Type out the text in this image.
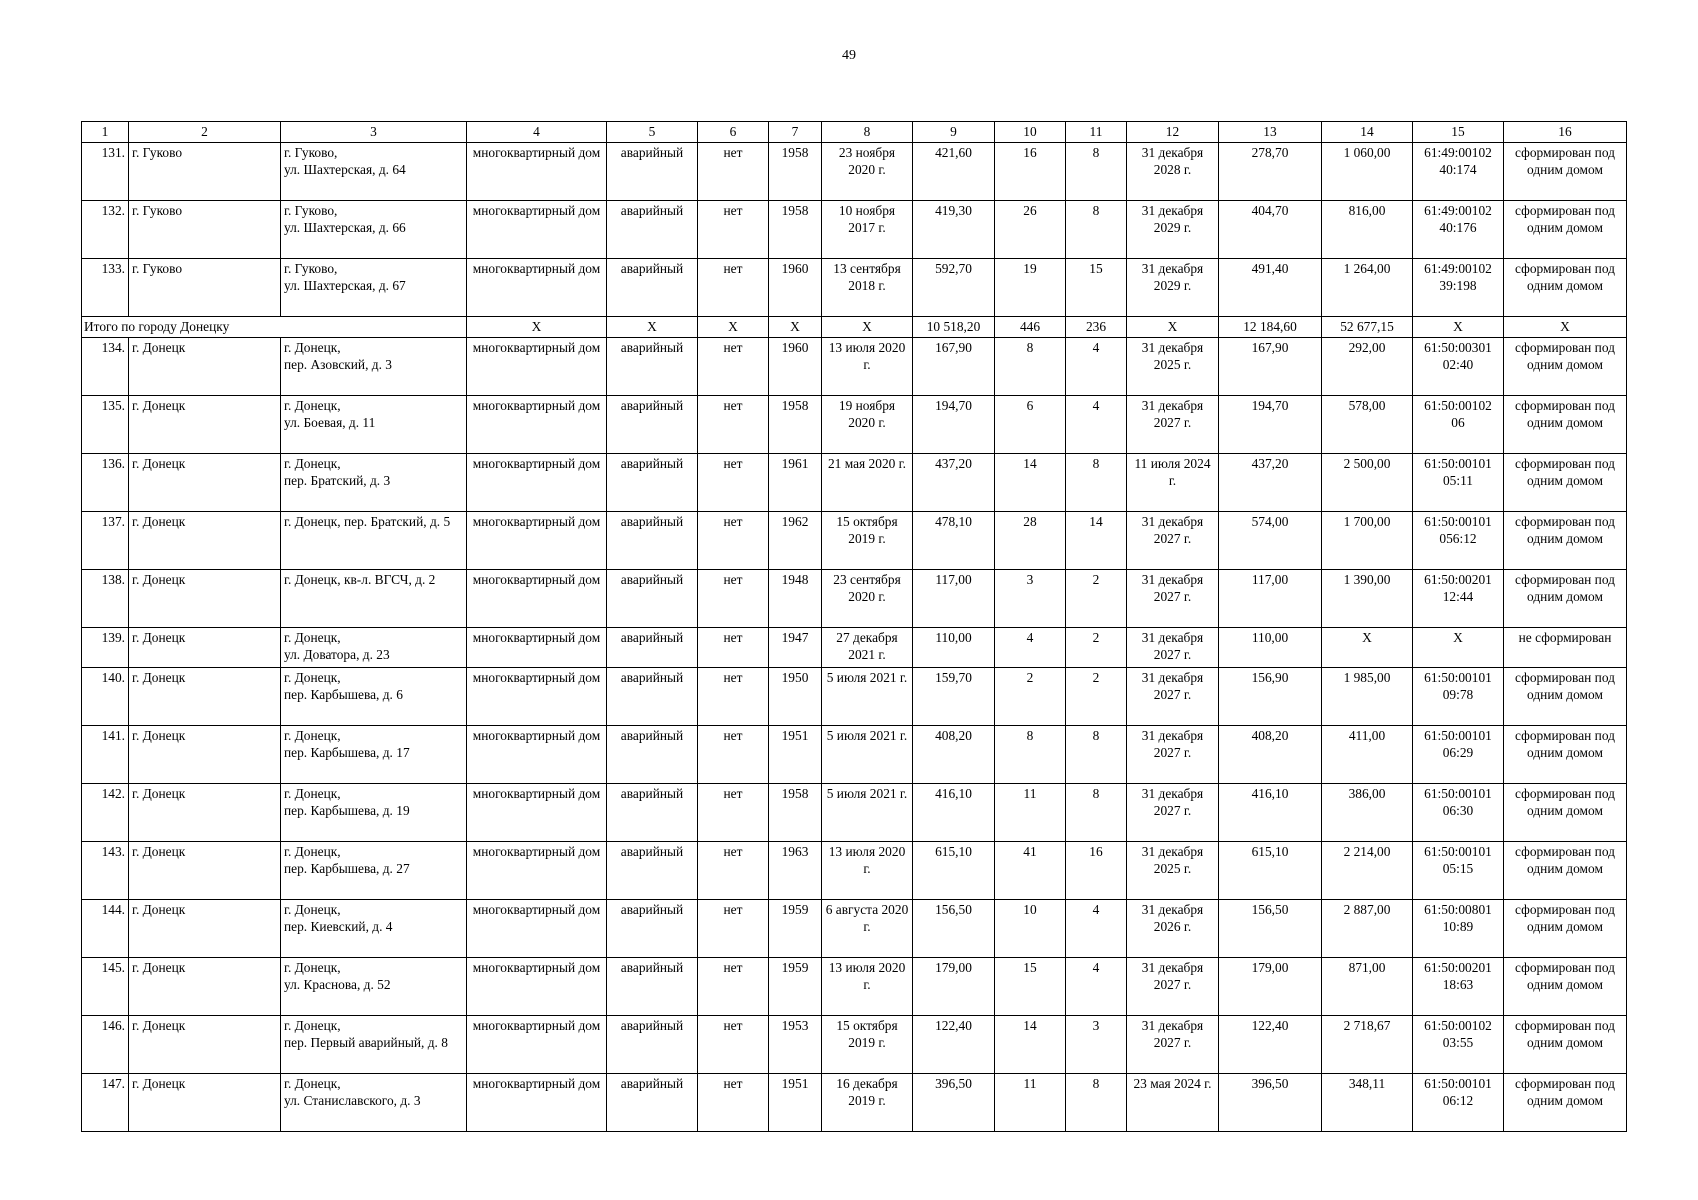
49
1	2	3	4	5	6	7	8	9	10	11	12	13	14	15	16
131.	г. Гуково	г. Гуково,
ул. Шахтерская, д. 64	многоквартирный дом	аварийный	нет	1958	23 ноября 2020 г.	421,60	16	8	31 декабря 2028 г.	278,70	1 060,00	61:49:00102 40:174	сформирован под одним домом
132.	г. Гуково	г. Гуково,
ул. Шахтерская, д. 66	многоквартирный дом	аварийный	нет	1958	10 ноября 2017 г.	419,30	26	8	31 декабря 2029 г.	404,70	816,00	61:49:00102 40:176	сформирован под одним домом
133.	г. Гуково	г. Гуково,
ул. Шахтерская, д. 67	многоквартирный дом	аварийный	нет	1960	13 сентября 2018 г.	592,70	19	15	31 декабря 2029 г.	491,40	1 264,00	61:49:00102 39:198	сформирован под одним домом
Итого по городу Донецку			X	X	X	X	X	10 518,20	446	236	X	12 184,60	52 677,15	X	X
134.	г. Донецк	г. Донецк,
пер. Азовский, д. 3	многоквартирный дом	аварийный	нет	1960	13 июля 2020 г.	167,90	8	4	31 декабря 2025 г.	167,90	292,00	61:50:00301 02:40	сформирован под одним домом
135.	г. Донецк	г. Донецк,
ул. Боевая, д. 11	многоквартирный дом	аварийный	нет	1958	19 ноября 2020 г.	194,70	6	4	31 декабря 2027 г.	194,70	578,00	61:50:00102 06	сформирован под одним домом
136.	г. Донецк	г. Донецк,
пер. Братский, д. 3	многоквартирный дом	аварийный	нет	1961	21 мая 2020 г.	437,20	14	8	11 июля 2024 г.	437,20	2 500,00	61:50:00101 05:11	сформирован под одним домом
137.	г. Донецк	г. Донецк, пер. Братский, д. 5	многоквартирный дом	аварийный	нет	1962	15 октября 2019 г.	478,10	28	14	31 декабря 2027 г.	574,00	1 700,00	61:50:00101 056:12	сформирован под одним домом
138.	г. Донецк	г. Донецк, кв-л. ВГСЧ, д. 2	многоквартирный дом	аварийный	нет	1948	23 сентября 2020 г.	117,00	3	2	31 декабря 2027 г.	117,00	1 390,00	61:50:00201 12:44	сформирован под одним домом
139.	г. Донецк	г. Донецк,
ул. Доватора, д. 23	многоквартирный дом	аварийный	нет	1947	27 декабря 2021 г.	110,00	4	2	31 декабря 2027 г.	110,00	X	X	не сформирован
140.	г. Донецк	г. Донецк,
пер. Карбышева, д. 6	многоквартирный дом	аварийный	нет	1950	5 июля 2021 г.	159,70	2	2	31 декабря 2027 г.	156,90	1 985,00	61:50:00101 09:78	сформирован под одним домом
141.	г. Донецк	г. Донецк,
пер. Карбышева, д. 17	многоквартирный дом	аварийный	нет	1951	5 июля 2021 г.	408,20	8	8	31 декабря 2027 г.	408,20	411,00	61:50:00101 06:29	сформирован под одним домом
142.	г. Донецк	г. Донецк,
пер. Карбышева, д. 19	многоквартирный дом	аварийный	нет	1958	5 июля 2021 г.	416,10	11	8	31 декабря 2027 г.	416,10	386,00	61:50:00101 06:30	сформирован под одним домом
143.	г. Донецк	г. Донецк,
пер. Карбышева, д. 27	многоквартирный дом	аварийный	нет	1963	13 июля 2020 г.	615,10	41	16	31 декабря 2025 г.	615,10	2 214,00	61:50:00101 05:15	сформирован под одним домом
144.	г. Донецк	г. Донецк,
пер. Киевский, д. 4	многоквартирный дом	аварийный	нет	1959	6 августа 2020 г.	156,50	10	4	31 декабря 2026 г.	156,50	2 887,00	61:50:00801 10:89	сформирован под одним домом
145.	г. Донецк	г. Донецк,
ул. Краснова, д. 52	многоквартирный дом	аварийный	нет	1959	13 июля 2020 г.	179,00	15	4	31 декабря 2027 г.	179,00	871,00	61:50:00201 18:63	сформирован под одним домом
146.	г. Донецк	г. Донецк,
пер. Первый аварийный, д. 8	многоквартирный дом	аварийный	нет	1953	15 октября 2019 г.	122,40	14	3	31 декабря 2027 г.	122,40	2 718,67	61:50:00102 03:55	сформирован под одним домом
147.	г. Донецк	г. Донецк,
ул. Станиславского, д. 3	многоквартирный дом	аварийный	нет	1951	16 декабря 2019 г.	396,50	11	8	23 мая 2024 г.	396,50	348,11	61:50:00101 06:12	сформирован под одним домом
